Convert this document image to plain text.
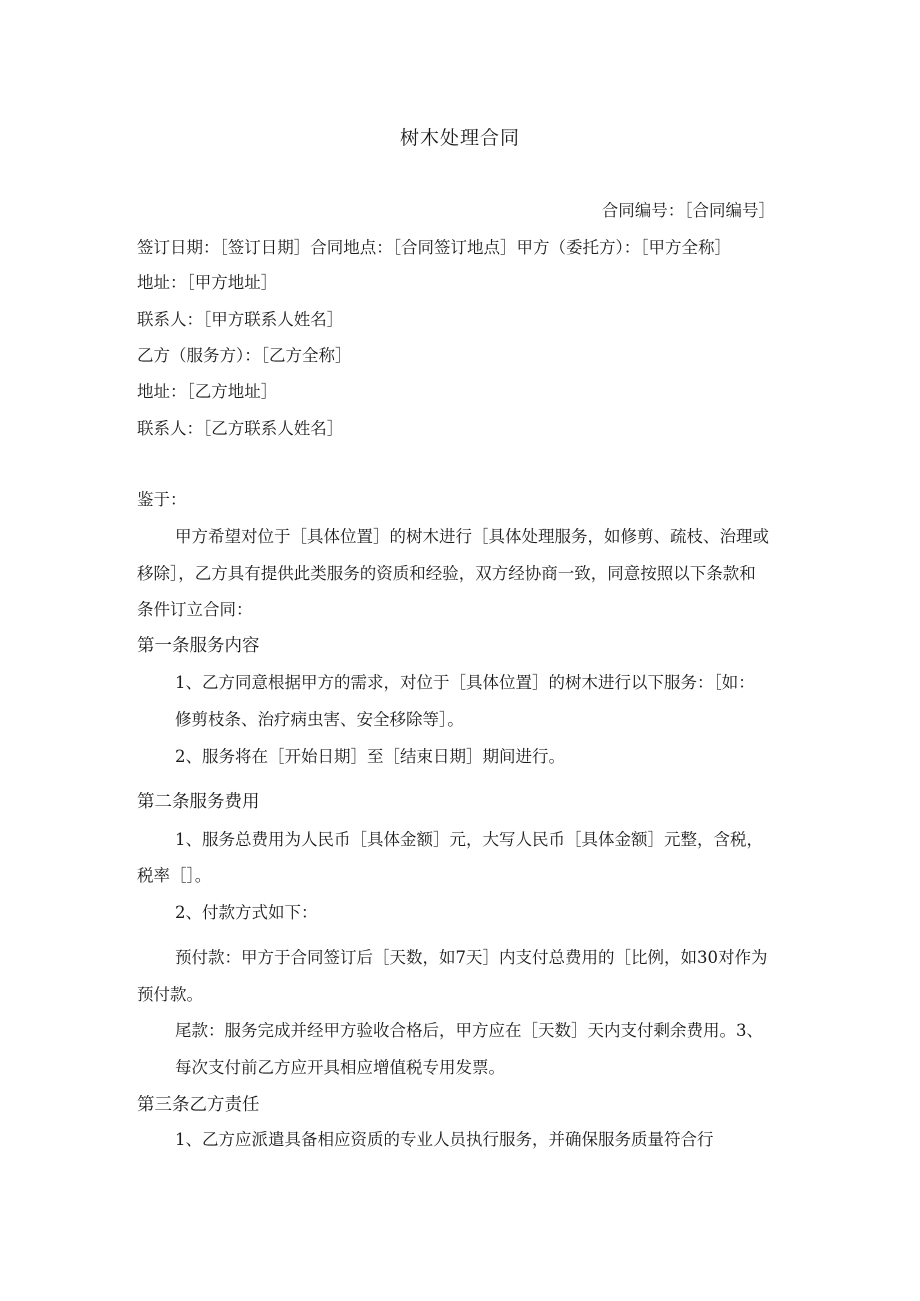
树木处理合同
合同编号：［合同编号］
签订日期：［签订日期］合同地点：［合同签订地点］甲方（委托方）：［甲方全称］
地址：［甲方地址］
联系人：［甲方联系人姓名］
乙方（服务方）：［乙方全称］
地址：［乙方地址］
联系人：［乙方联系人姓名］
鉴于：
甲方希望对位于［具体位置］的树木进行［具体处理服务，如修剪、疏枝、治理或
移除］，乙方具有提供此类服务的资质和经验，双方经协商一致，同意按照以下条款和
条件订立合同：
第一条服务内容
1、乙方同意根据甲方的需求，对位于［具体位置］的树木进行以下服务：［如：
修剪枝条、治疗病虫害、安全移除等］。
2、服务将在［开始日期］至［结束日期］期间进行。
第二条服务费用
1、服务总费用为人民币［具体金额］元，大写人民币［具体金额］元整，含税，
税率［］。
2、付款方式如下：
预付款：甲方于合同签订后［天数，如7天］内支付总费用的［比例，如30对作为
预付款。
尾款：服务完成并经甲方验收合格后，甲方应在［天数］天内支付剩余费用。3、
每次支付前乙方应开具相应增值税专用发票。
第三条乙方责任
1、乙方应派遣具备相应资质的专业人员执行服务，并确保服务质量符合行
